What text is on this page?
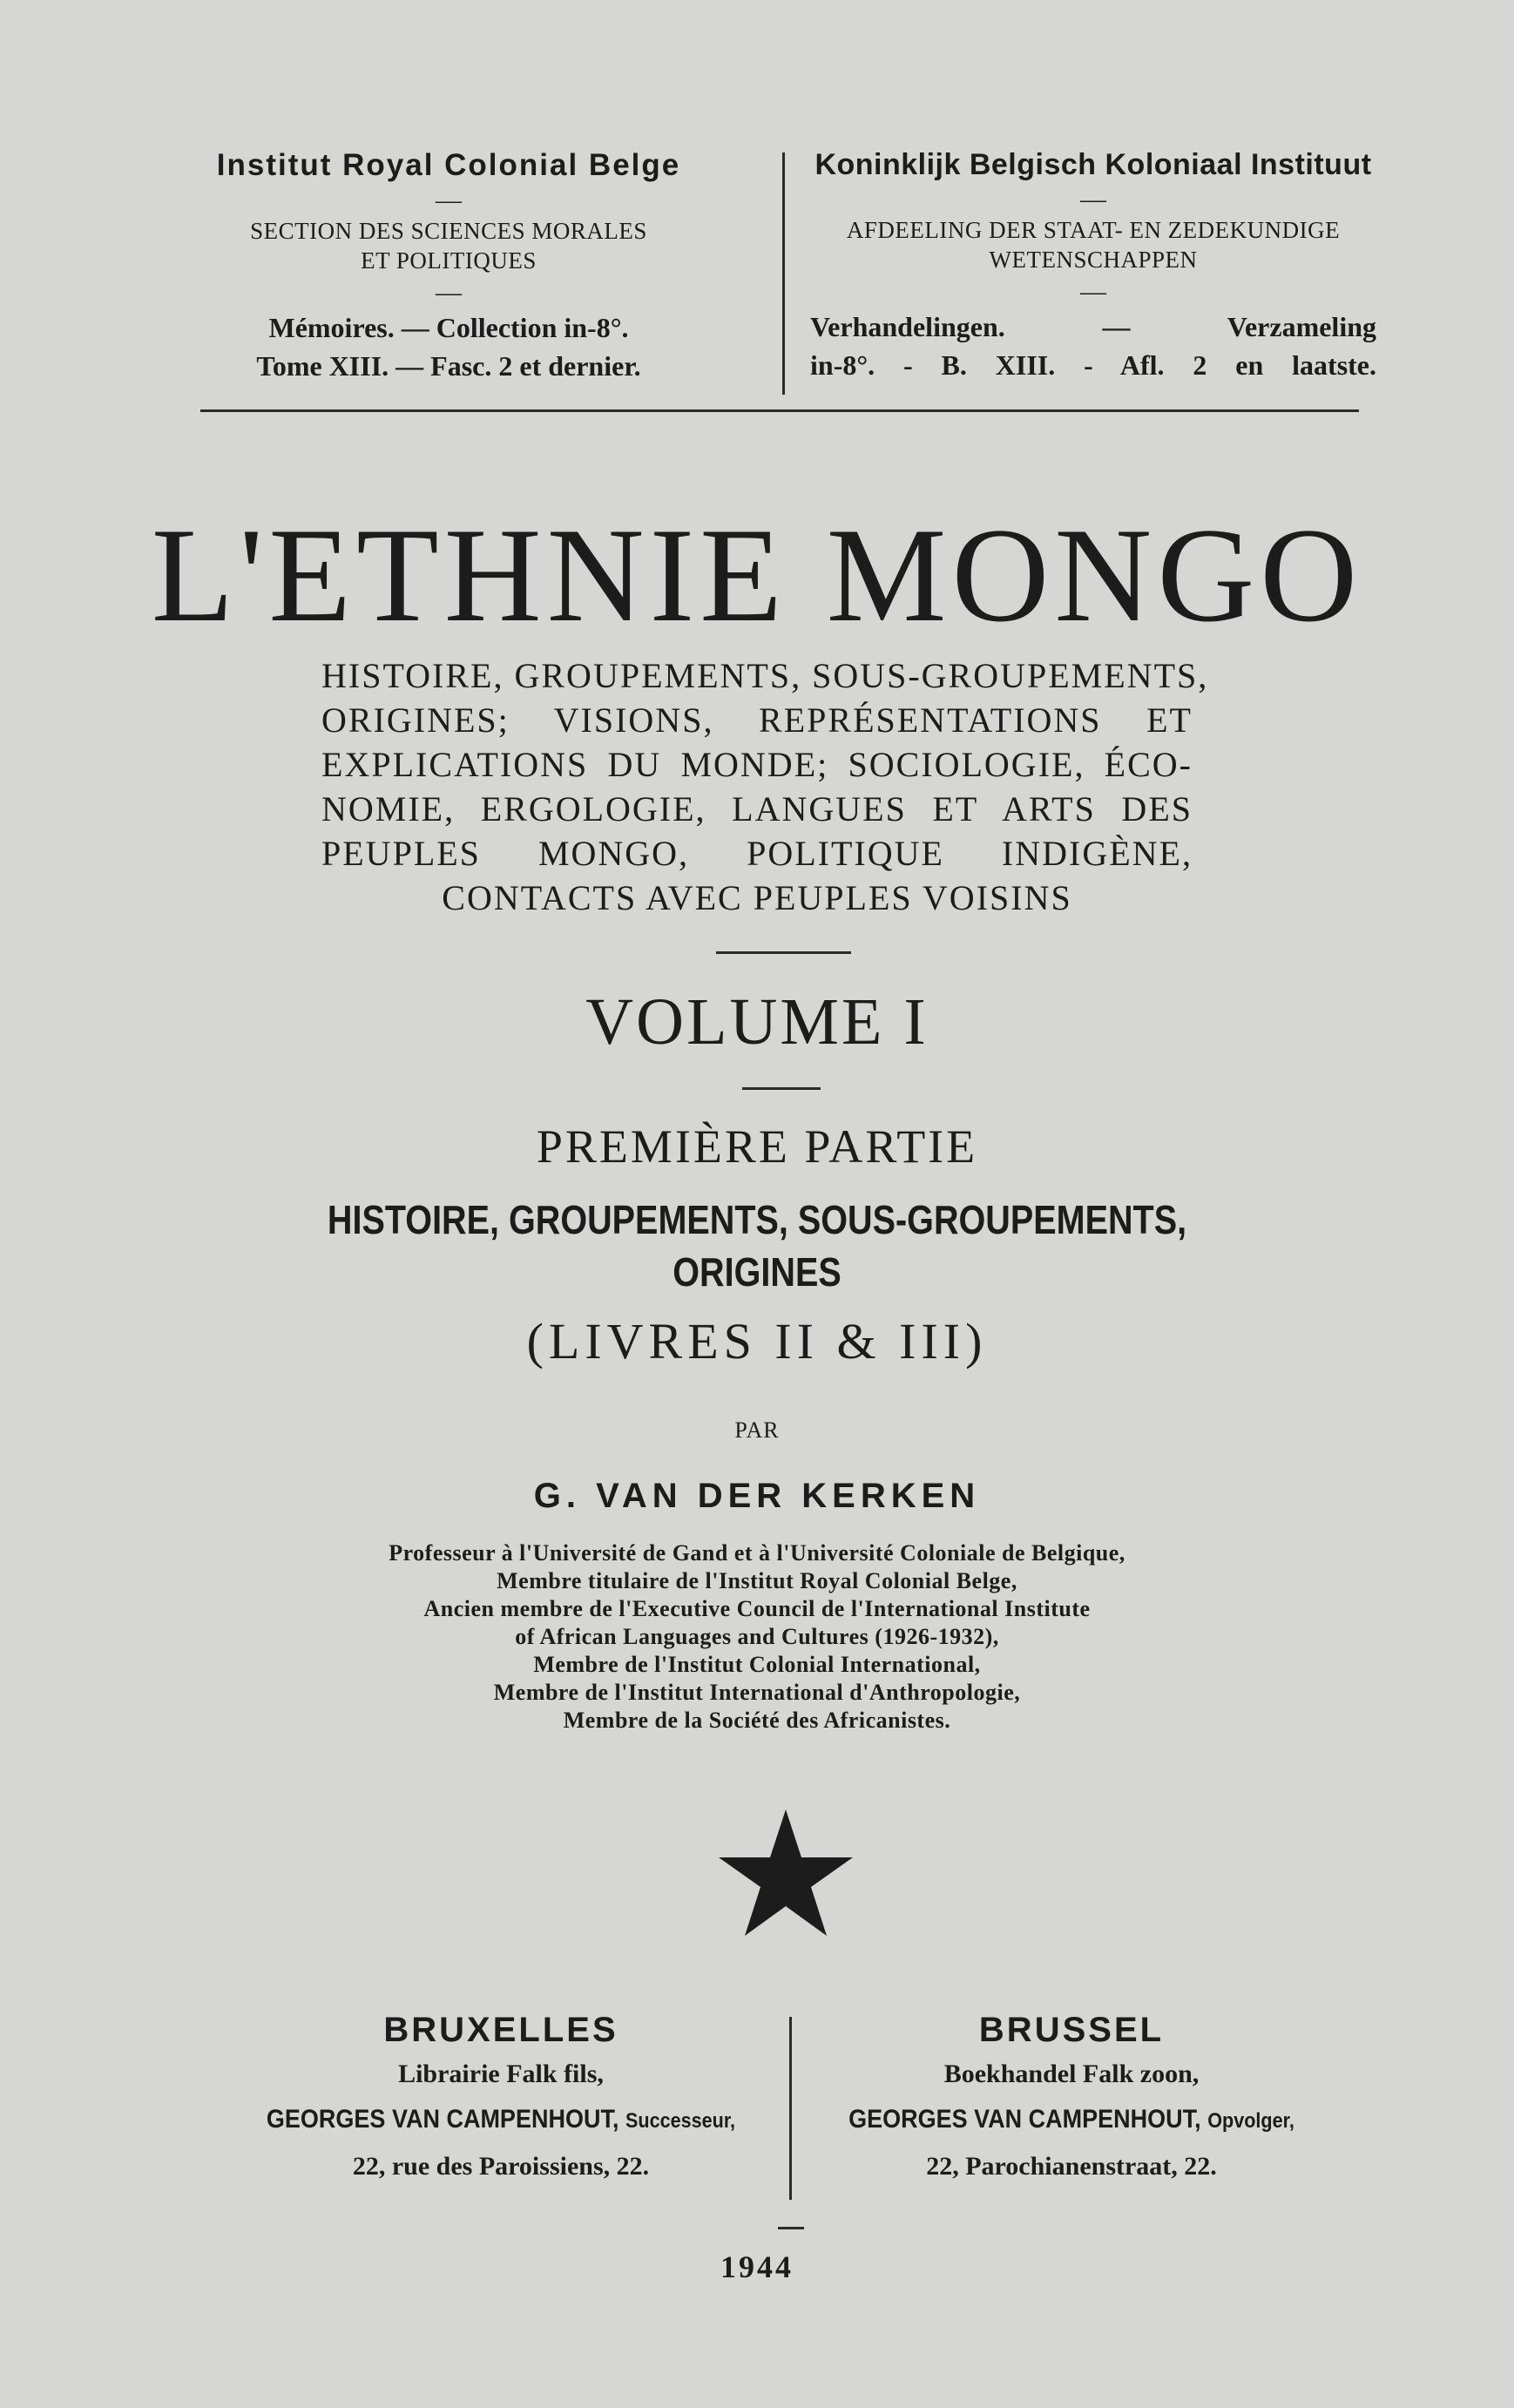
Institut Royal Colonial Belge
—
SECTION DES SCIENCES MORALES
ET POLITIQUES
—
Mémoires. — Collection in-8°.
Tome XIII. — Fasc. 2 et dernier.
Koninklijk Belgisch Koloniaal Instituut
—
AFDEELING DER STAAT- EN ZEDEKUNDIGE
WETENSCHAPPEN
—
Verhandelingen. — Verzameling
in-8°. - B. XIII. - Afl. 2 en laatste.
L'ETHNIE MONGO
HISTOIRE, GROUPEMENTS, SOUS-GROUPEMENTS,
ORIGINES; VISIONS, REPRÉSENTATIONS ET
EXPLICATIONS DU MONDE; SOCIOLOGIE, ÉCO-
NOMIE, ERGOLOGIE, LANGUES ET ARTS DES
PEUPLES MONGO, POLITIQUE INDIGÈNE,
CONTACTS AVEC PEUPLES VOISINS
VOLUME I
PREMIÈRE PARTIE
HISTOIRE, GROUPEMENTS, SOUS-GROUPEMENTS,
ORIGINES
(LIVRES II & III)
PAR
G. VAN DER KERKEN
Professeur à l'Université de Gand et à l'Université Coloniale de Belgique,
Membre titulaire de l'Institut Royal Colonial Belge,
Ancien membre de l'Executive Council de l'International Institute
of African Languages and Cultures (1926-1932),
Membre de l'Institut Colonial International,
Membre de l'Institut International d'Anthropologie,
Membre de la Société des Africanistes.
BRUXELLES
Librairie Falk fils,
GEORGES VAN CAMPENHOUT, Successeur,
22, rue des Paroissiens, 22.
BRUSSEL
Boekhandel Falk zoon,
GEORGES VAN CAMPENHOUT, Opvolger,
22, Parochianenstraat, 22.
1944
